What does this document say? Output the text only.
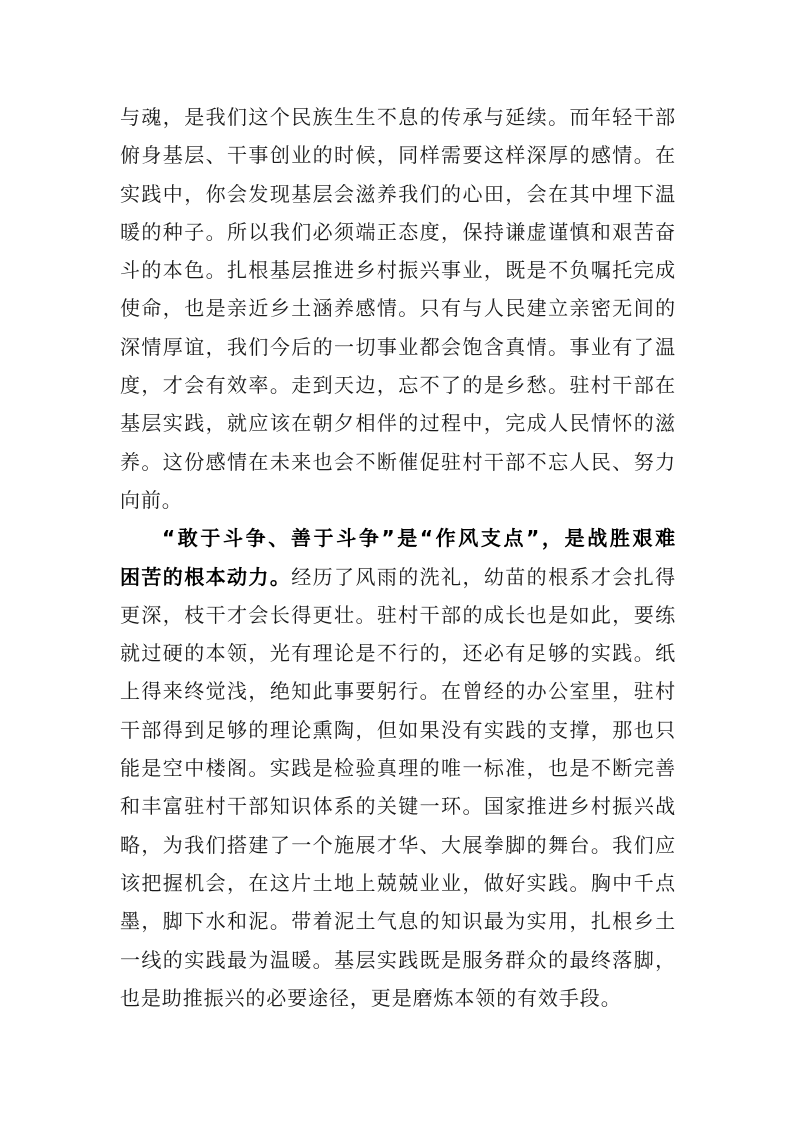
与魂，是我们这个民族生生不息的传承与延续。而年轻干部
俯身基层、干事创业的时候，同样需要这样深厚的感情。在
实践中，你会发现基层会滋养我们的心田，会在其中埋下温
暖的种子。所以我们必须端正态度，保持谦虚谨慎和艰苦奋
斗的本色。扎根基层推进乡村振兴事业，既是不负嘱托完成
使命，也是亲近乡土涵养感情。只有与人民建立亲密无间的
深情厚谊，我们今后的一切事业都会饱含真情。事业有了温
度，才会有效率。走到天边，忘不了的是乡愁。驻村干部在
基层实践，就应该在朝夕相伴的过程中，完成人民情怀的滋
养。这份感情在未来也会不断催促驻村干部不忘人民、努力
向前。
“敢于斗争、善于斗争”是“作风支点”，是战胜艰难
困苦的根本动力。经历了风雨的洗礼，幼苗的根系才会扎得
更深，枝干才会长得更壮。驻村干部的成长也是如此，要练
就过硬的本领，光有理论是不行的，还必有足够的实践。纸
上得来终觉浅，绝知此事要躬行。在曾经的办公室里，驻村
干部得到足够的理论熏陶，但如果没有实践的支撑，那也只
能是空中楼阁。实践是检验真理的唯一标准，也是不断完善
和丰富驻村干部知识体系的关键一环。国家推进乡村振兴战
略，为我们搭建了一个施展才华、大展拳脚的舞台。我们应
该把握机会，在这片土地上兢兢业业，做好实践。胸中千点
墨，脚下水和泥。带着泥土气息的知识最为实用，扎根乡土
一线的实践最为温暖。基层实践既是服务群众的最终落脚，
也是助推振兴的必要途径，更是磨炼本领的有效手段。
